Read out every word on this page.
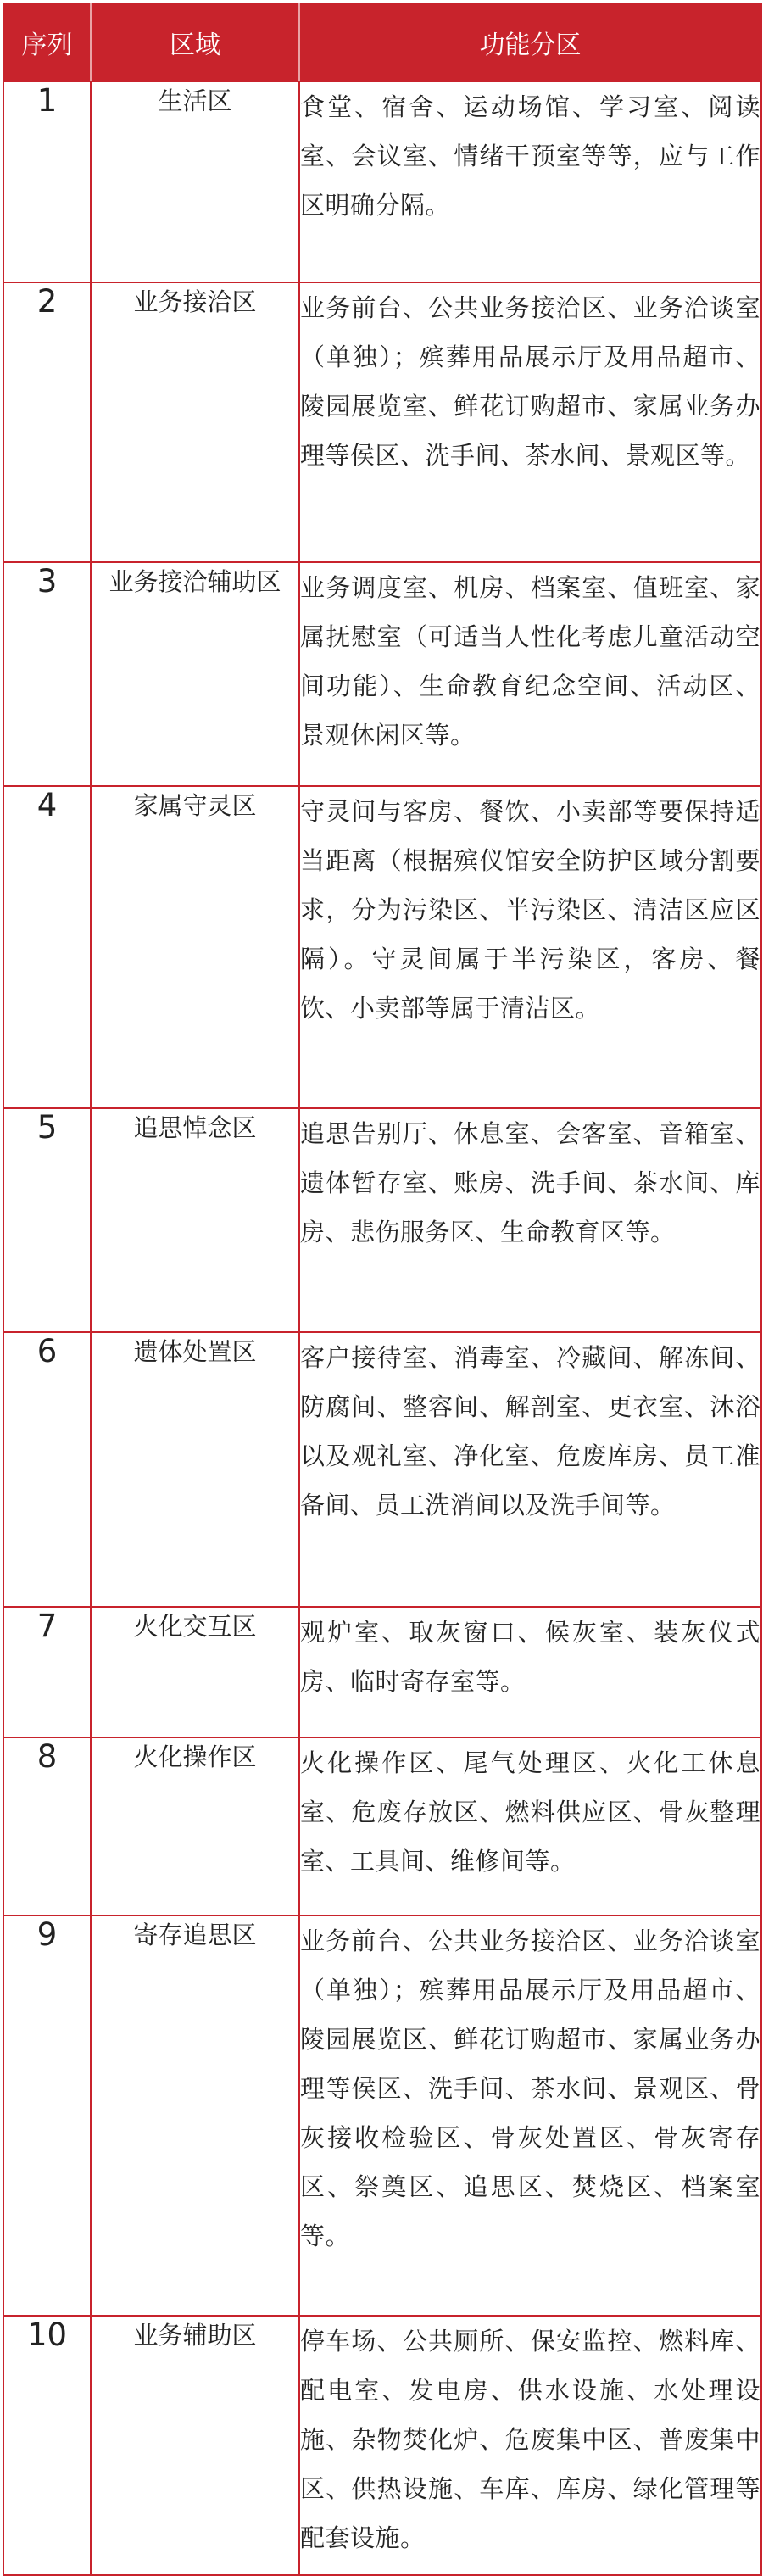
序列	区域	功能分区
1	生活区	食堂、宿舍、运动场馆、学习室、阅读室、会议室、情绪干预室等等，应与工作区明确分隔。
2	业务接洽区	业务前台、公共业务接洽区、业务洽谈室（单独）；殡葬用品展示厅及用品超市、陵园展览室、鲜花订购超市、家属业务办理等侯区、洗手间、茶水间、景观区等。
3	业务接洽辅助区	业务调度室、机房、档案室、值班室、家属抚慰室（可适当人性化考虑儿童活动空间功能）、生命教育纪念空间、活动区、景观休闲区等。
4	家属守灵区	守灵间与客房、餐饮、小卖部等要保持适当距离（根据殡仪馆安全防护区域分割要求，分为污染区、半污染区、清洁区应区隔）。守灵间属于半污染区，客房、餐饮、小卖部等属于清洁区。
5	追思悼念区	追思告别厅、休息室、会客室、音箱室、遗体暂存室、账房、洗手间、茶水间、库房、悲伤服务区、生命教育区等。
6	遗体处置区	客户接待室、消毒室、冷藏间、解冻间、防腐间、整容间、解剖室、更衣室、沐浴以及观礼室、净化室、危废库房、员工准备间、员工洗消间以及洗手间等。
7	火化交互区	观炉室、取灰窗口、候灰室、装灰仪式房、临时寄存室等。
8	火化操作区	火化操作区、尾气处理区、火化工休息室、危废存放区、燃料供应区、骨灰整理室、工具间、维修间等。
9	寄存追思区	业务前台、公共业务接洽区、业务洽谈室（单独）；殡葬用品展示厅及用品超市、陵园展览区、鲜花订购超市、家属业务办理等侯区、洗手间、茶水间、景观区、骨灰接收检验区、骨灰处置区、骨灰寄存区、祭奠区、追思区、焚烧区、档案室等。
10	业务辅助区	停车场、公共厕所、保安监控、燃料库、配电室、发电房、供水设施、水处理设施、杂物焚化炉、危废集中区、普废集中区、供热设施、车库、库房、绿化管理等配套设施。
